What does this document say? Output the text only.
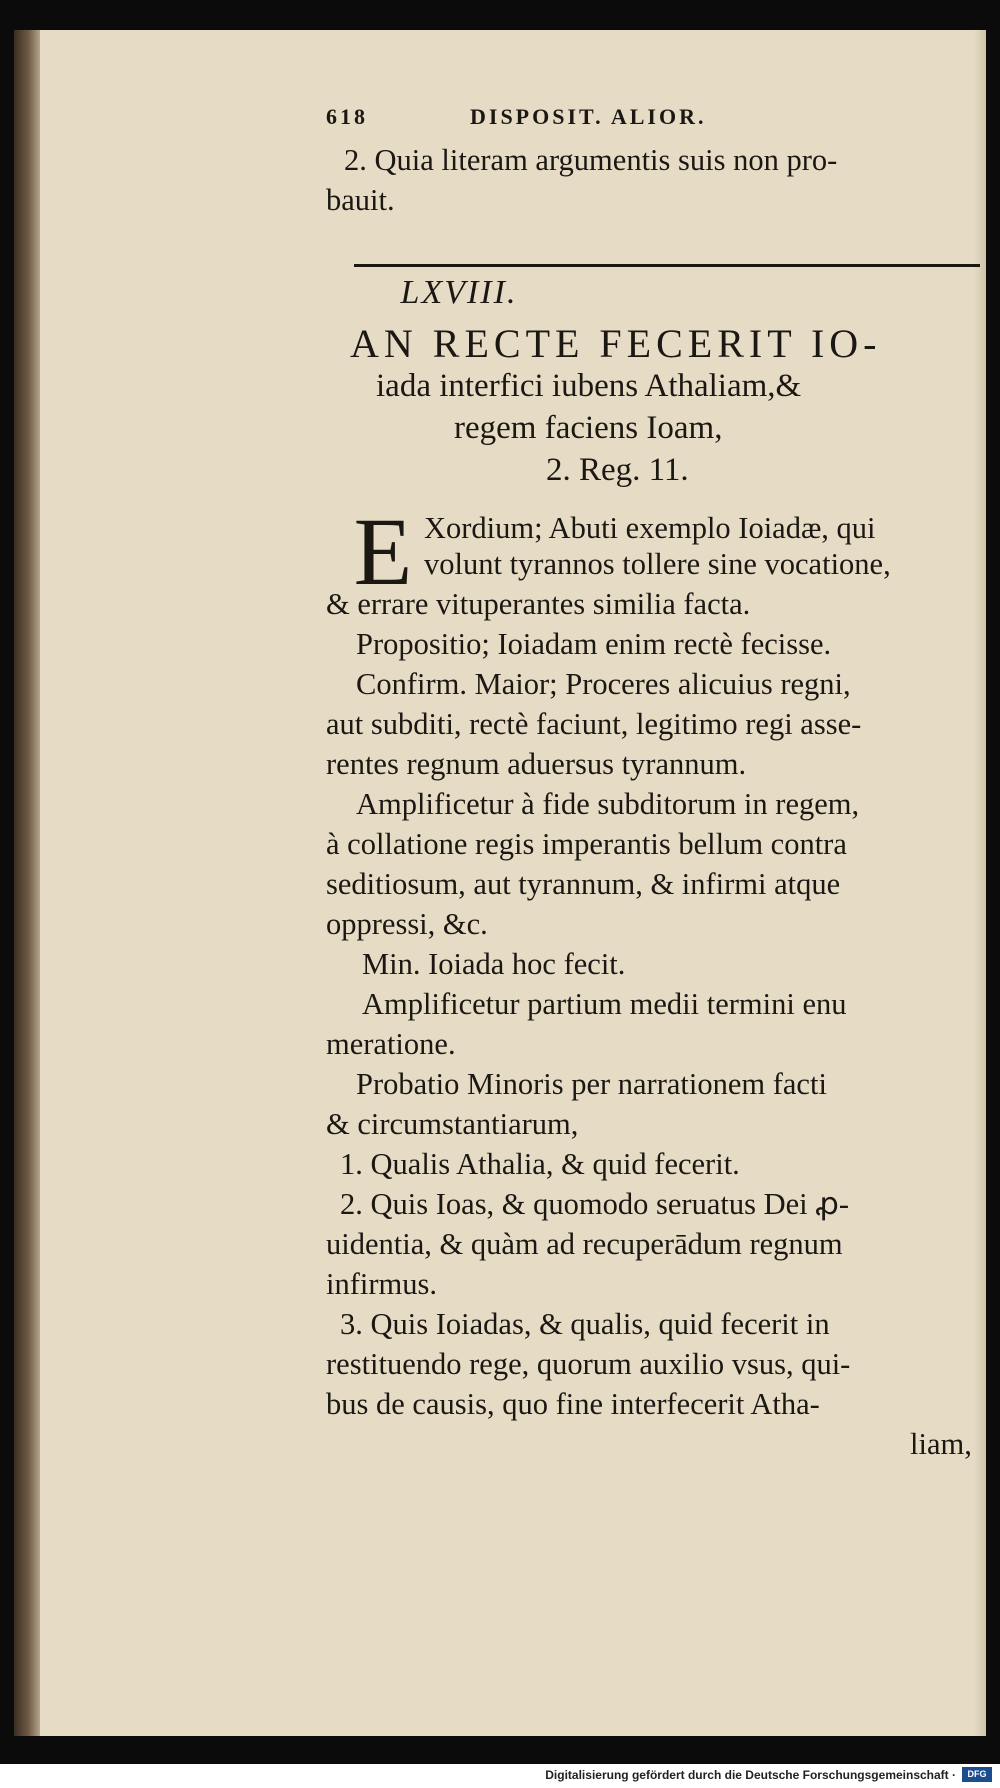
618	DISPOSIT. ALIOR.
2. Quia literam argumentis suis non pro-
bauit.
LXVIII.
AN RECTE FECERIT IO-
iada interfici iubens Athaliam,&
regem faciens Ioam,
2. Reg. 11.
E Xordium; Abuti exemplo Ioiadæ, qui
volunt tyrannos tollere sine vocatione,
& errare vituperantes similia facta.
Propositio; Ioiadam enim rectè fecisse.
Confirm. Maior; Proceres alicuius regni,
aut subditi, rectè faciunt, legitimo regi asse-
rentes regnum aduersus tyrannum.
Amplificetur à fide subditorum in regem,
à collatione regis imperantis bellum contra
seditiosum, aut tyrannum, & infirmi atque
oppressi, &c.
Min. Ioiada hoc fecit.
Amplificetur partium medii termini enu
meratione.
Probatio Minoris per narrationem facti
& circumstantiarum,
1. Qualis Athalia, & quid fecerit.
2. Quis Ioas, & quomodo seruatus Dei ꝓ-
uidentia, & quàm ad recuperādum regnum
infirmus.
3. Quis Ioiadas, & qualis, quid fecerit in
restituendo rege, quorum auxilio vsus, qui-
bus de causis, quo fine interfecerit Atha-
liam,
Digitalisierung gefördert durch die Deutsche Forschungsgemeinschaft ·	DFG
